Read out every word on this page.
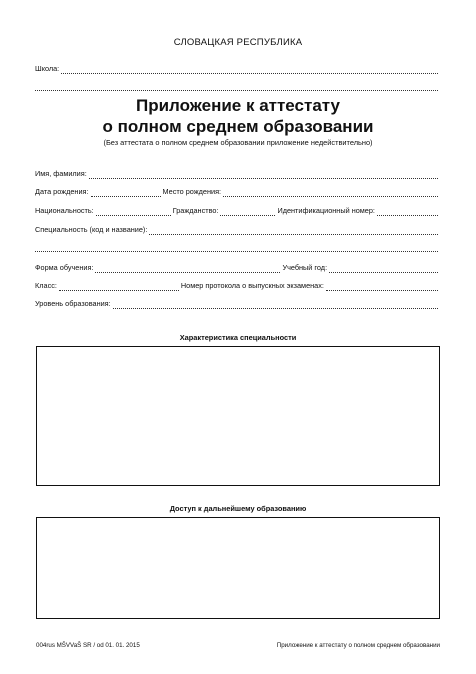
СЛОВАЦКАЯ РЕСПУБЛИКА
Школа:
Приложение к аттестату
о полном среднем образовании
(Без аттестата о полном среднем образовании приложение недействительно)
Имя, фамилия:
Дата рождения:	Место рождения:
Национальность:	Гражданство:	Идентификационный номер:
Специальность (код и название):
Форма обучения:	Учебный год:
Класс:	Номер протокола о выпускных экзаменах:
Уровень образования:
Характеристика специальности
Доступ к дальнейшему образованию
004rus MŠVVaŠ SR / od 01. 01. 2015	Приложение к аттестату о полном среднем образовании
